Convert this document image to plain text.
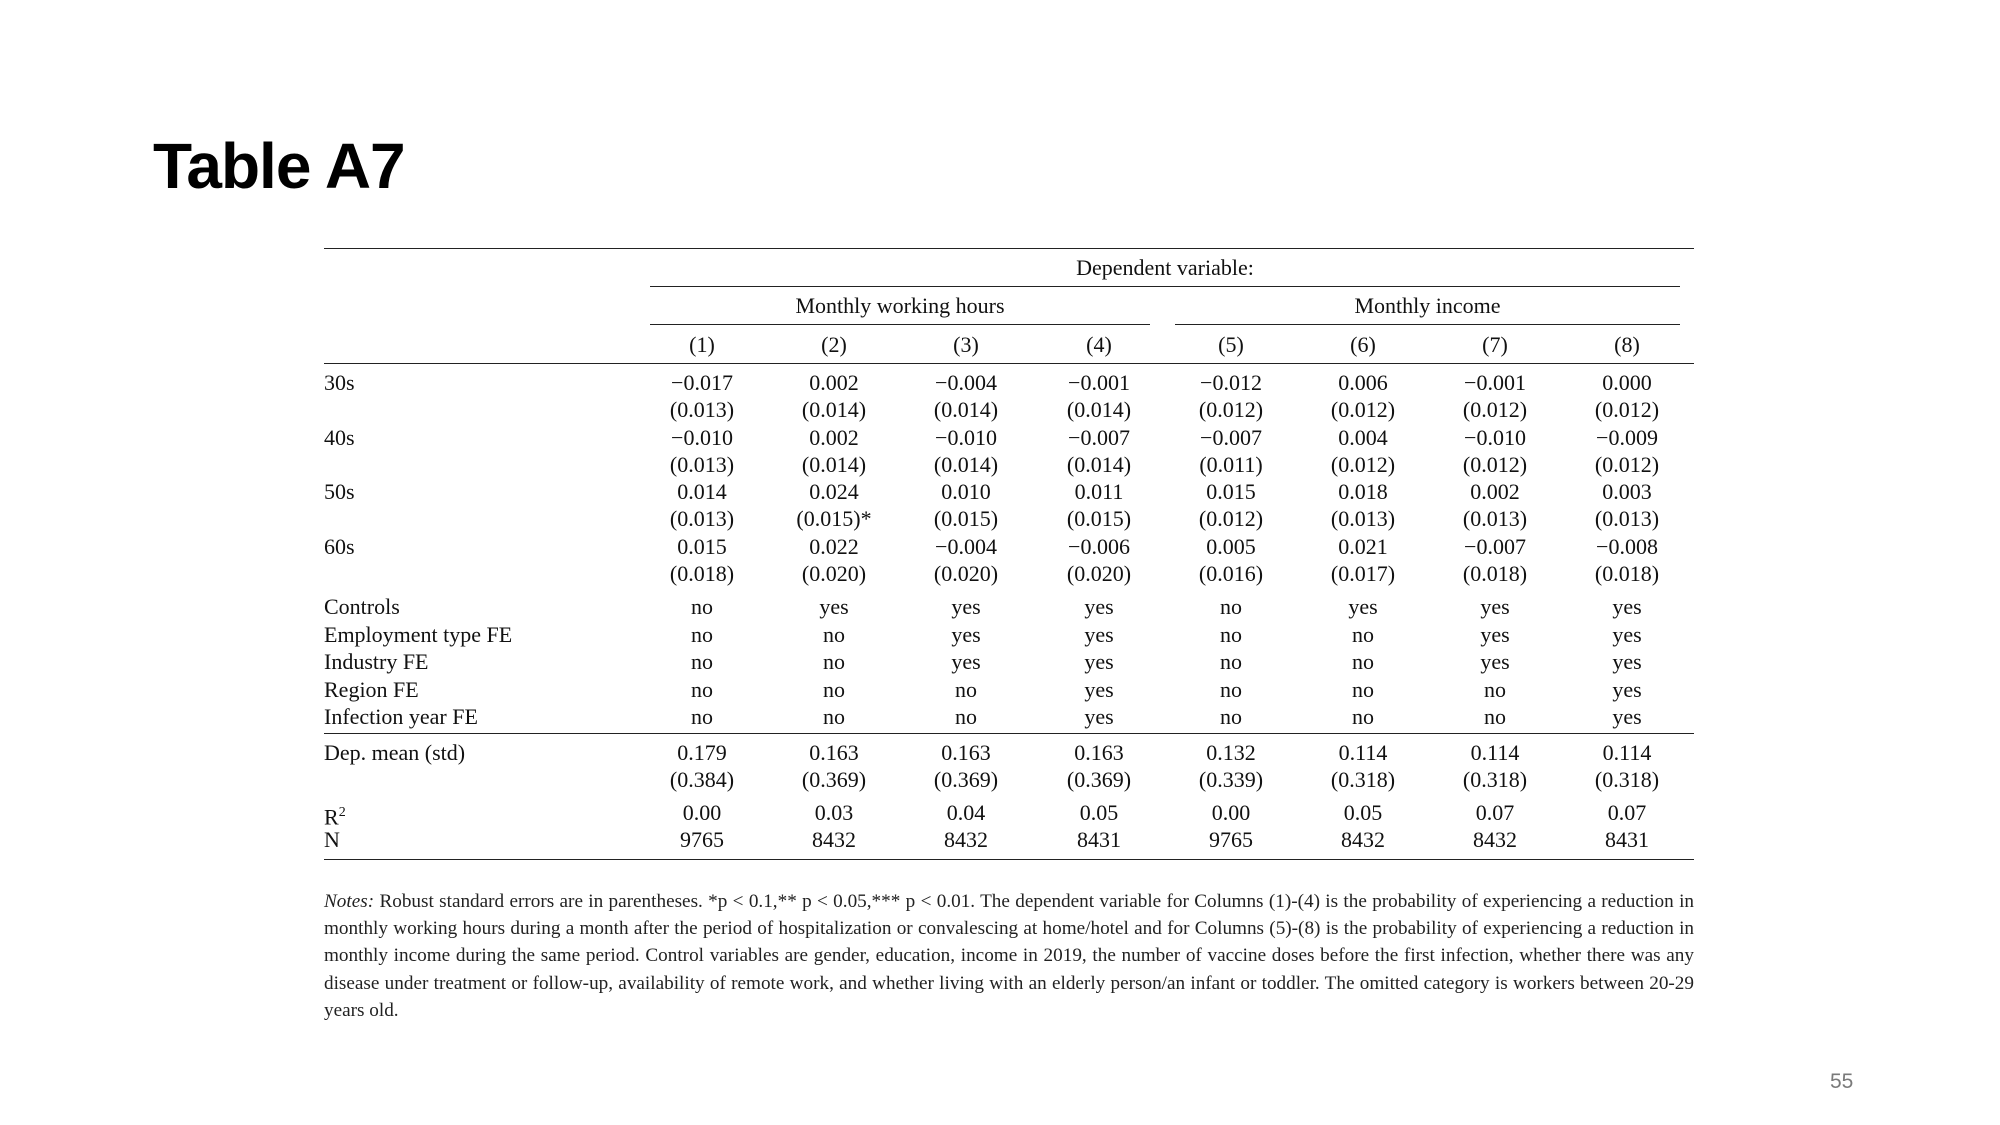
Table A7
Dependent variable:
Monthly working hours	Monthly income
(1)	(2)	(3)	(4)	(5)	(6)	(7)	(8)
30s	−0.017	0.002	−0.004	−0.001	−0.012	0.006	−0.001	0.000
(0.013)	(0.014)	(0.014)	(0.014)	(0.012)	(0.012)	(0.012)	(0.012)
40s	−0.010	0.002	−0.010	−0.007	−0.007	0.004	−0.010	−0.009
(0.013)	(0.014)	(0.014)	(0.014)	(0.011)	(0.012)	(0.012)	(0.012)
50s	0.014	0.024	0.010	0.011	0.015	0.018	0.002	0.003
(0.013)	(0.015)*	(0.015)	(0.015)	(0.012)	(0.013)	(0.013)	(0.013)
60s	0.015	0.022	−0.004	−0.006	0.005	0.021	−0.007	−0.008
(0.018)	(0.020)	(0.020)	(0.020)	(0.016)	(0.017)	(0.018)	(0.018)
Controls	no	yes	yes	yes	no	yes	yes	yes
Employment type FE	no	no	yes	yes	no	no	yes	yes
Industry FE	no	no	yes	yes	no	no	yes	yes
Region FE	no	no	no	yes	no	no	no	yes
Infection year FE	no	no	no	yes	no	no	no	yes
Dep. mean (std)	0.179	0.163	0.163	0.163	0.132	0.114	0.114	0.114
(0.384)	(0.369)	(0.369)	(0.369)	(0.339)	(0.318)	(0.318)	(0.318)
$R^2$	0.00	0.03	0.04	0.05	0.00	0.05	0.07	0.07
N	9765	8432	8432	8431	9765	8432	8432	8431

Notes: Robust standard errors are in parentheses. *p < 0.1,** p < 0.05,*** p < 0.01. The dependent variable for Columns (1)-(4) is the probability of experiencing a reduction in monthly working hours during a month after the period of hospitalization or convalescing at home/hotel and for Columns (5)-(8) is the probability of experiencing a reduction in monthly income during the same period. Control variables are gender, education, income in 2019, the number of vaccine doses before the first infection, whether there was any disease under treatment or follow-up, availability of remote work, and whether living with an elderly person/an infant or toddler. The omitted category is workers between 20-29 years old.

55
